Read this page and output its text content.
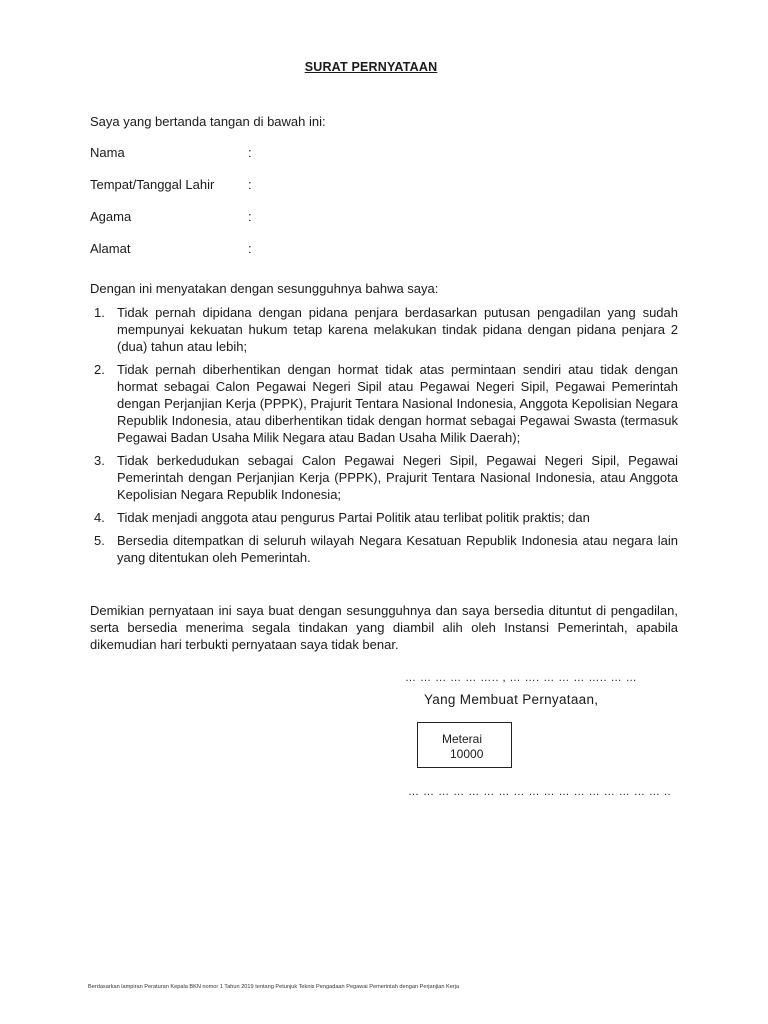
SURAT PERNYATAAN
Saya yang bertanda tangan di bawah ini:
Nama	:
Tempat/Tanggal Lahir	:
Agama	:
Alamat	:
Dengan ini menyatakan dengan sesungguhnya bahwa saya:
1. Tidak pernah dipidana dengan pidana penjara berdasarkan putusan pengadilan yang sudah mempunyai kekuatan hukum tetap karena melakukan tindak pidana dengan pidana penjara 2 (dua) tahun atau lebih;
2. Tidak pernah diberhentikan dengan hormat tidak atas permintaan sendiri atau tidak dengan hormat sebagai Calon Pegawai Negeri Sipil atau Pegawai Negeri Sipil, Pegawai Pemerintah dengan Perjanjian Kerja (PPPK), Prajurit Tentara Nasional Indonesia, Anggota Kepolisian Negara Republik Indonesia, atau diberhentikan tidak dengan hormat sebagai Pegawai Swasta (termasuk Pegawai Badan Usaha Milik Negara atau Badan Usaha Milik Daerah);
3. Tidak berkedudukan sebagai Calon Pegawai Negeri Sipil, Pegawai Negeri Sipil, Pegawai Pemerintah dengan Perjanjian Kerja (PPPK), Prajurit Tentara Nasional Indonesia, atau Anggota Kepolisian Negara Republik Indonesia;
4. Tidak menjadi anggota atau pengurus Partai Politik atau terlibat politik praktis; dan
5. Bersedia ditempatkan di seluruh wilayah Negara Kesatuan Republik Indonesia atau negara lain yang ditentukan oleh Pemerintah.
Demikian pernyataan ini saya buat dengan sesungguhnya dan saya bersedia dituntut di pengadilan, serta bersedia menerima segala tindakan yang diambil alih oleh Instansi Pemerintah, apabila dikemudian hari terbukti pernyataan saya tidak benar.
… … … … … ….. , … …. … … … ….. … …
Yang Membuat Pernyataan,
Meterai
10000
… … … … … … … … … … … … … … … … … ..
Berdasarkan lampiran Peraturan Kepala BKN nomor 1 Tahun 2019 tentang Petunjuk Teknis Pengadaan Pegawai Pemerintah dengan Perjanjian Kerja
